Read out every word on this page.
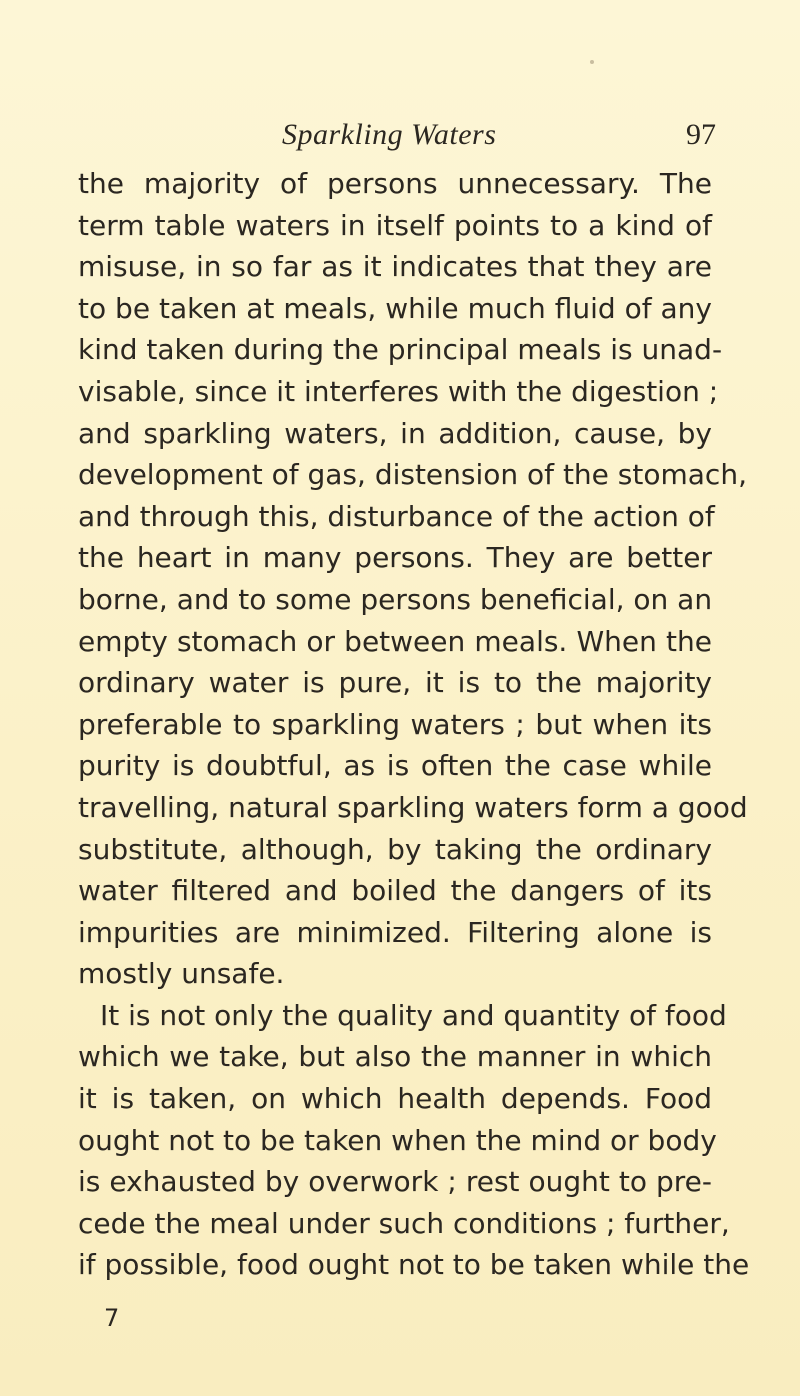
Sparkling Waters	97
the majority of persons unnecessary. The
term table waters in itself points to a kind of
misuse, in so far as it indicates that they are
to be taken at meals, while much fluid of any
kind taken during the principal meals is unad-
visable, since it interferes with the digestion ;
and sparkling waters, in addition, cause, by
development of gas, distension of the stomach,
and through this, disturbance of the action of
the heart in many persons. They are better
borne, and to some persons beneficial, on an
empty stomach or between meals. When the
ordinary water is pure, it is to the majority
preferable to sparkling waters ; but when its
purity is doubtful, as is often the case while
travelling, natural sparkling waters form a good
substitute, although, by taking the ordinary
water filtered and boiled the dangers of its
impurities are minimized. Filtering alone is
mostly unsafe.
It is not only the quality and quantity of food
which we take, but also the manner in which
it is taken, on which health depends. Food
ought not to be taken when the mind or body
is exhausted by overwork ; rest ought to pre-
cede the meal under such conditions ; further,
if possible, food ought not to be taken while the
7
